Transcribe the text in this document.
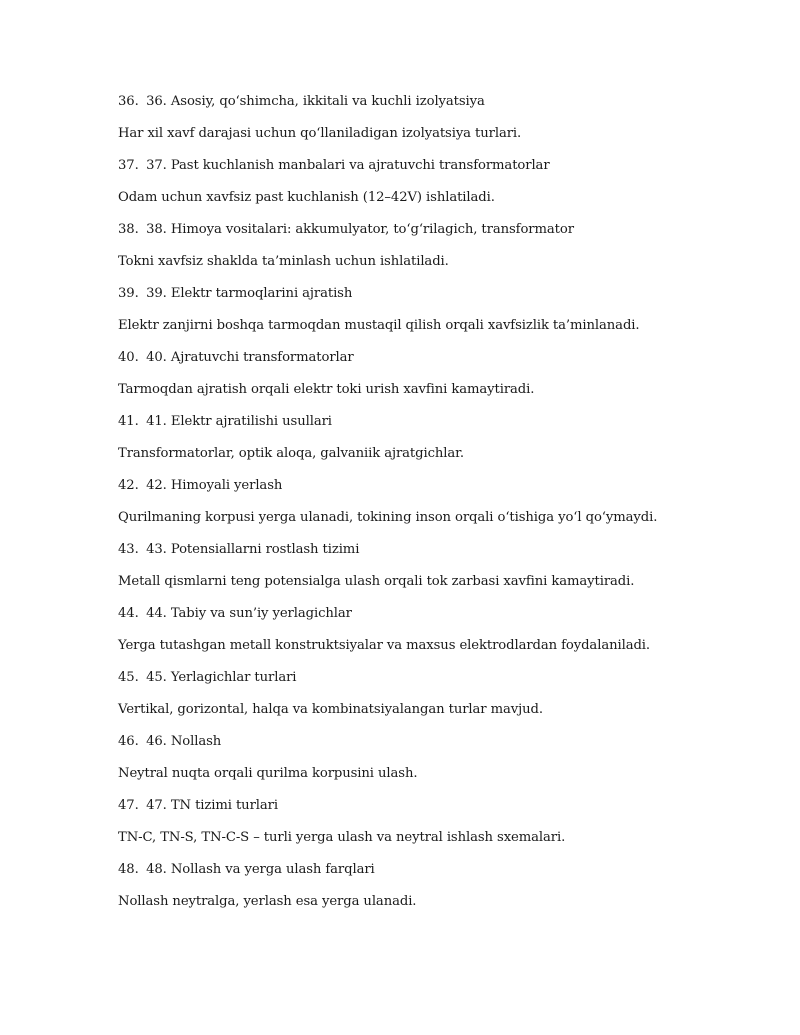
36. 36. Asosiy, qo‘shimcha, ikkitali va kuchli izolyatsiya
Har xil xavf darajasi uchun qo‘llaniladigan izolyatsiya turlari.
37. 37. Past kuchlanish manbalari va ajratuvchi transformatorlar
Odam uchun xavfsiz past kuchlanish (12–42V) ishlatiladi.
38. 38. Himoya vositalari: akkumulyator, to‘g‘rilagich, transformator
Tokni xavfsiz shaklda ta’minlash uchun ishlatiladi.
39. 39. Elektr tarmoqlarini ajratish
Elektr zanjirni boshqa tarmoqdan mustaqil qilish orqali xavfsizlik ta’minlanadi.
40. 40. Ajratuvchi transformatorlar
Tarmoqdan ajratish orqali elektr toki urish xavfini kamaytiradi.
41. 41. Elektr ajratilishi usullari
Transformatorlar, optik aloqa, galvaniik ajratgichlar.
42. 42. Himoyali yerlash
Qurilmaning korpusi yerga ulanadi, tokining inson orqali o‘tishiga yo‘l qo‘ymaydi.
43. 43. Potensiallarni rostlash tizimi
Metall qismlarni teng potensialga ulash orqali tok zarbasi xavfini kamaytiradi.
44. 44. Tabiy va sun’iy yerlagichlar
Yerga tutashgan metall konstruktsiyalar va maxsus elektrodlardan foydalaniladi.
45. 45. Yerlagichlar turlari
Vertikal, gorizontal, halqa va kombinatsiyalangan turlar mavjud.
46. 46. Nollash
Neytral nuqta orqali qurilma korpusini ulash.
47. 47. TN tizimi turlari
TN-C, TN-S, TN-C-S – turli yerga ulash va neytral ishlash sxemalari.
48. 48. Nollash va yerga ulash farqlari
Nollash neytralga, yerlash esa yerga ulanadi.
